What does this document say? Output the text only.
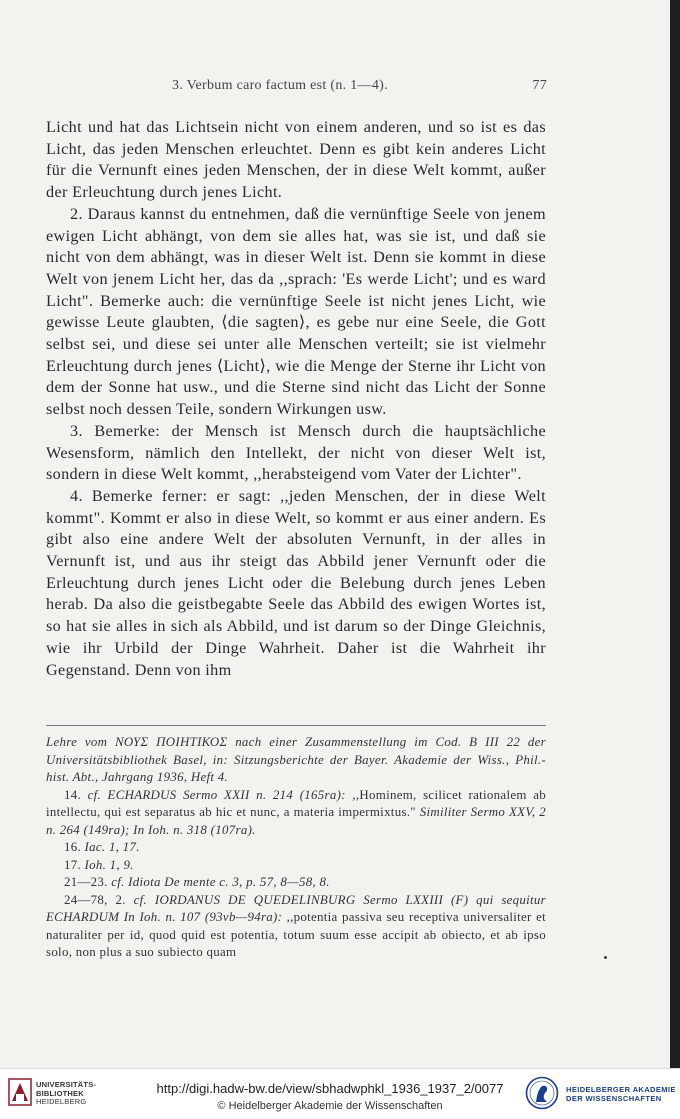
3. Verbum caro factum est (n. 1—4).	77

Licht und hat das Lichtsein nicht von einem anderen, und so ist es das Licht, das jeden Menschen erleuchtet. Denn es gibt kein anderes Licht für die Vernunft eines jeden Menschen, der in diese Welt kommt, außer der Erleuchtung durch jenes Licht.

2. Daraus kannst du entnehmen, daß die vernünftige Seele von jenem ewigen Licht abhängt, von dem sie alles hat, was sie ist, und daß sie nicht von dem abhängt, was in dieser Welt ist. Denn sie kommt in diese Welt von jenem Licht her, das da ,,sprach: 'Es werde Licht'; und es ward Licht". Bemerke auch: die vernünftige Seele ist nicht jenes Licht, wie gewisse Leute glaubten, ⟨die sagten⟩, es gebe nur eine Seele, die Gott selbst sei, und diese sei unter alle Menschen verteilt; sie ist vielmehr Erleuchtung durch jenes ⟨Licht⟩, wie die Menge der Sterne ihr Licht von dem der Sonne hat usw., und die Sterne sind nicht das Licht der Sonne selbst noch dessen Teile, sondern Wirkungen usw.

3. Bemerke: der Mensch ist Mensch durch die hauptsächliche Wesensform, nämlich den Intellekt, der nicht von dieser Welt ist, sondern in diese Welt kommt, ,,herabsteigend vom Vater der Lichter".

4. Bemerke ferner: er sagt: ,,jeden Menschen, der in diese Welt kommt". Kommt er also in diese Welt, so kommt er aus einer andern. Es gibt also eine andere Welt der absoluten Vernunft, in der alles in Vernunft ist, und aus ihr steigt das Abbild jener Vernunft oder die Erleuchtung durch jenes Licht oder die Belebung durch jenes Leben herab. Da also die geistbegabte Seele das Abbild des ewigen Wortes ist, so hat sie alles in sich als Abbild, und ist darum so der Dinge Gleichnis, wie ihr Urbild der Dinge Wahrheit. Daher ist die Wahrheit ihr Gegenstand. Denn von ihm

Lehre vom ΝΟΥΣ ΠΟΙΗΤΙΚΟΣ nach einer Zusammenstellung im Cod. B III 22 der Universitätsbibliothek Basel, in: Sitzungsberichte der Bayer. Akademie der Wiss., Phil.-hist. Abt., Jahrgang 1936, Heft 4.

14. cf. ECHARDUS Sermo XXII n. 214 (165ra): ,,Hominem, scilicet rationalem ab intellectu, qui est separatus ab hic et nunc, a materia impermixtus." Similiter Sermo XXV, 2 n. 264 (149ra); In Ioh. n. 318 (107ra).

16. Iac. 1, 17.

17. Ioh. 1, 9.

21—23. cf. Idiota De mente c. 3, p. 57, 8—58, 8.

24—78, 2. cf. IORDANUS DE QUEDELINBURG Sermo LXXIII (F) qui sequitur ECHARDUM In Ioh. n. 107 (93vb—94ra): ,,potentia passiva seu receptiva universaliter et naturaliter per id, quod quid est potentia, totum suum esse accipit ab obiecto, et ab ipso solo, non plus a suo subiecto quam

UNIVERSITÄTS-
BIBLIOTHEK
HEIDELBERG
http://digi.hadw-bw.de/view/sbhadwphkl_1936_1937_2/0077
© Heidelberger Akademie der Wissenschaften
HEIDELBERGER AKADEMIE
DER WISSENSCHAFTEN
